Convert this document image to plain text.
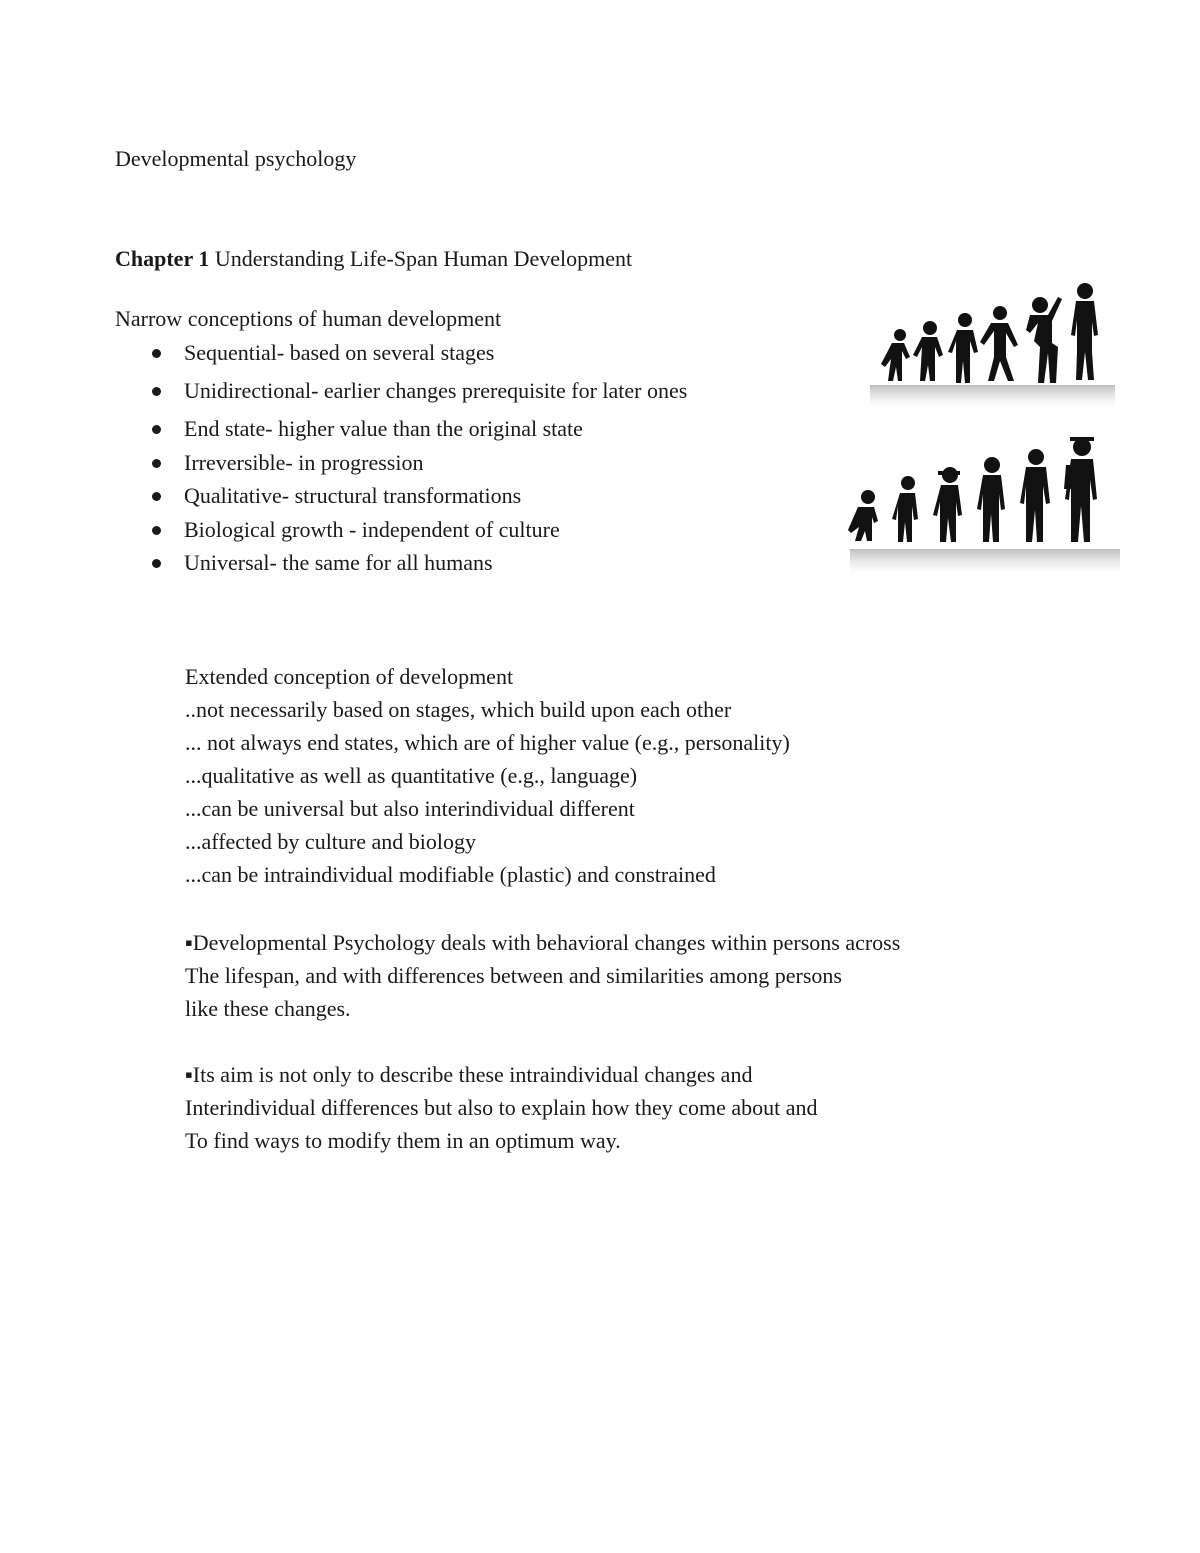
Developmental psychology
Chapter 1 Understanding Life-Span Human Development
Narrow conceptions of human development
Sequential- based on several stages
Unidirectional- earlier changes prerequisite for later ones
End state- higher value than the original state
Irreversible- in progression
Qualitative- structural transformations
Biological growth - independent of culture
Universal- the same for all humans
Extended conception of development
..not necessarily based on stages, which build upon each other
... not always end states, which are of higher value (e.g., personality)
...qualitative as well as quantitative (e.g., language)
...can be universal but also interindividual different
...affected by culture and biology
...can be intraindividual modifiable (plastic) and constrained
▪Developmental Psychology deals with behavioral changes within persons across
The lifespan, and with differences between and similarities among persons
like these changes.
▪Its aim is not only to describe these intraindividual changes and
Interindividual differences but also to explain how they come about and
To find ways to modify them in an optimum way.
